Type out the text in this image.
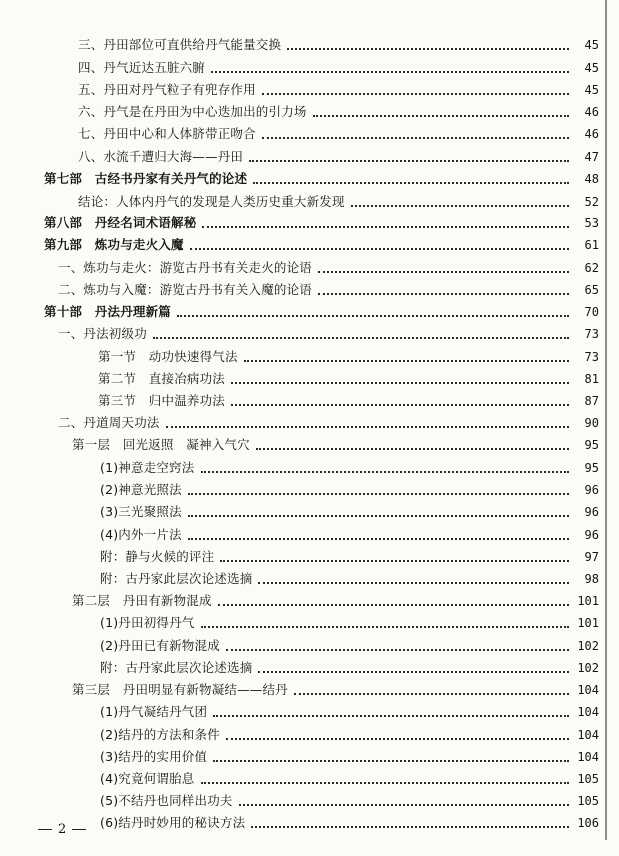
三、丹田部位可直供给丹气能量交换	45
四、丹气近达五脏六腑	45
五、丹田对丹气粒子有兜存作用	45
六、丹气是在丹田为中心迭加出的引力场	46
七、丹田中心和人体脐带正吻合	46
八、水流千遭归大海——丹田	47
第七部　古经书丹家有关丹气的论述	48
结论：人体内丹气的发现是人类历史重大新发现	52
第八部　丹经名词术语解秘	53
第九部　炼功与走火入魔	61
一、炼功与走火：游览古丹书有关走火的论语	62
二、炼功与入魔：游览古丹书有关入魔的论语	65
第十部　丹法丹理新篇	70
一、丹法初级功	73
第一节　动功快速得气法	73
第二节　直接冶病功法	81
第三节　归中温养功法	87
二、丹道周天功法	90
第一层　回光返照　凝神入气穴	95
(1)神意走空窍法	95
(2)神意光照法	96
(3)三光聚照法	96
(4)内外一片法	96
附：静与火候的评注	97
附：古丹家此层次论述选摘	98
第二层　丹田有新物混成	101
(1)丹田初得丹气	101
(2)丹田已有新物混成	102
附：古丹家此层次论述选摘	102
第三层　丹田明显有新物凝结——结丹	104
(1)丹气凝结丹气团	104
(2)结丹的方法和条件	104
(3)结丹的实用价值	104
(4)究竟何谓胎息	105
(5)不结丹也同样出功夫	105
(6)结丹时妙用的秘诀方法	106
2
